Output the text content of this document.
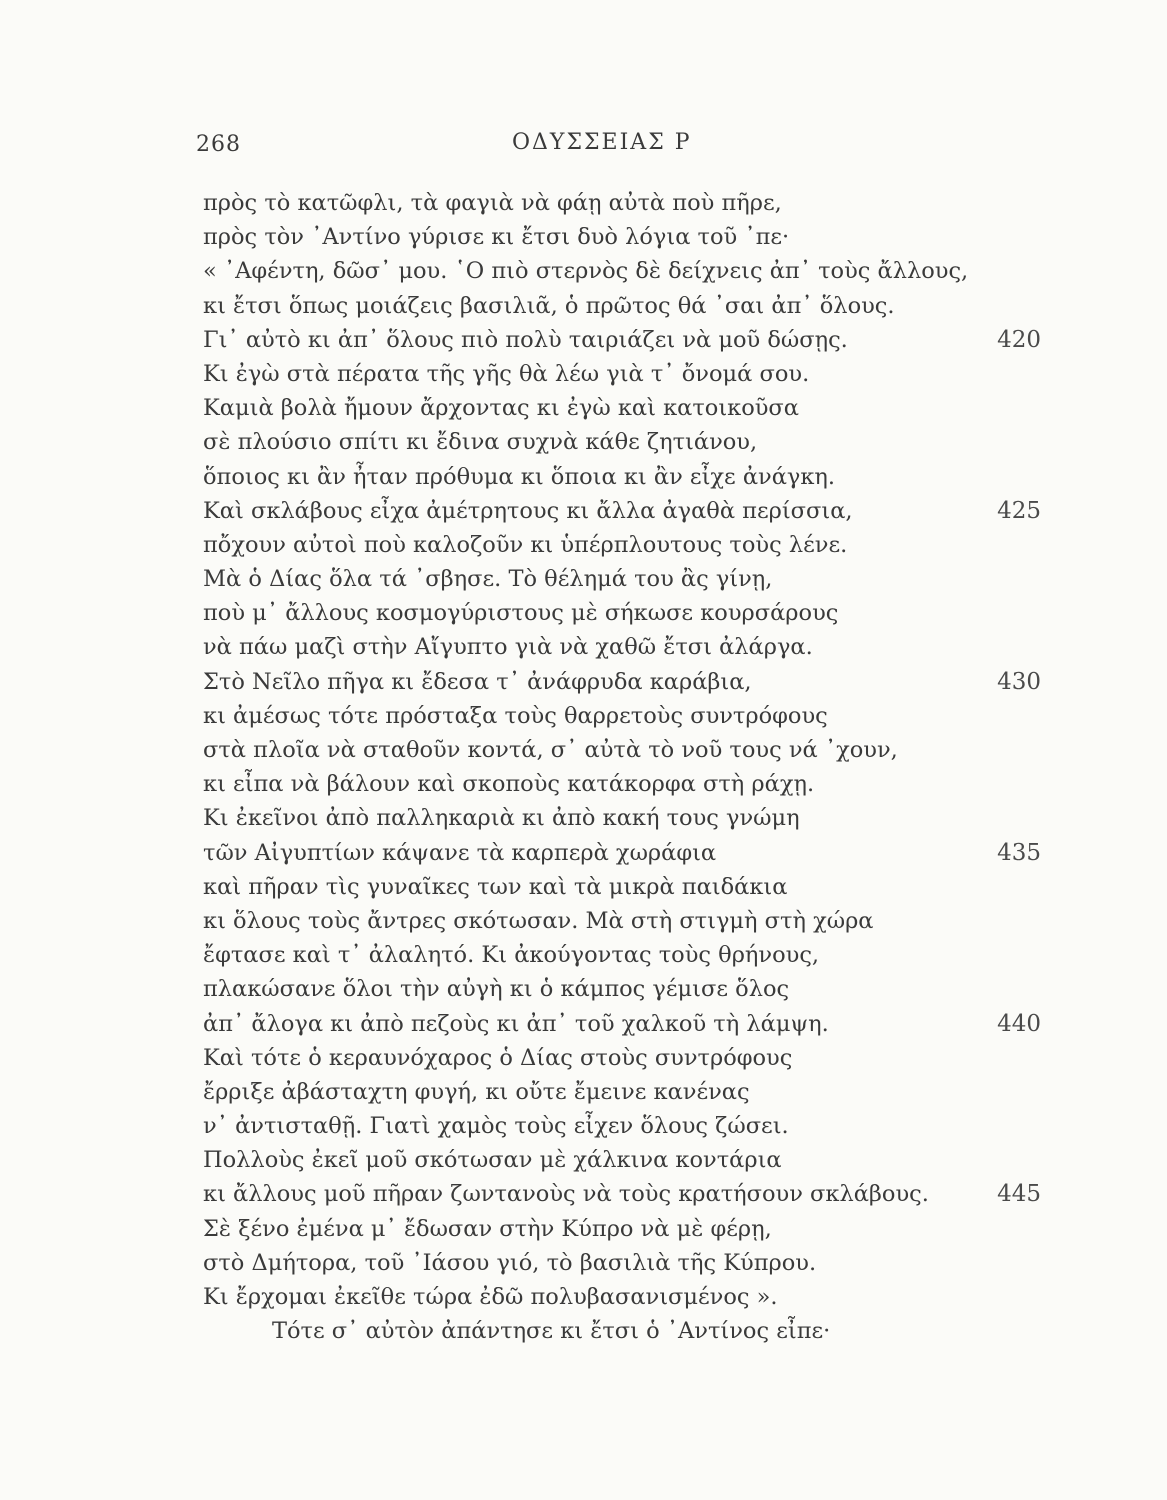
268	ΟΔΥΣΣΕΙΑΣ Ρ
πρὸς τὸ κατῶφλι, τὰ φαγιὰ νὰ φάῃ αὐτὰ ποὺ πῆρε,
πρὸς τὸν ᾿Αντίνο γύρισε κι ἔτσι δυὸ λόγια τοῦ ᾿πε·
« ᾿Αφέντη, δῶσ᾿ μου. ῾Ο πιὸ στερνὸς δὲ δείχνεις ἀπ᾿ τοὺς ἄλλους,
κι ἔτσι ὅπως μοιάζεις βασιλιᾶ, ὁ πρῶτος θά ᾿σαι ἀπ᾿ ὅλους.
Γι᾿ αὐτὸ κι ἀπ᾿ ὅλους πιὸ πολὺ ταιριάζει νὰ μοῦ δώσῃς.	420
Κι ἐγὼ στὰ πέρατα τῆς γῆς θὰ λέω γιὰ τ᾿ ὄνομά σου.
Καμιὰ βολὰ ἤμουν ἄρχοντας κι ἐγὼ καὶ κατοικοῦσα
σὲ πλούσιο σπίτι κι ἔδινα συχνὰ κάθε ζητιάνου,
ὅποιος κι ἂν ἦταν πρόθυμα κι ὅποια κι ἂν εἶχε ἀνάγκη.
Καὶ σκλάβους εἶχα ἀμέτρητους κι ἄλλα ἀγαθὰ περίσσια,	425
πὄχουν αὐτοὶ ποὺ καλοζοῦν κι ὑπέρπλουτους τοὺς λένε.
Μὰ ὁ Δίας ὅλα τά ᾿σβησε. Τὸ θέλημά του ἂς γίνῃ,
ποὺ μ᾿ ἄλλους κοσμογύριστους μὲ σήκωσε κουρσάρους
νὰ πάω μαζὶ στὴν Αἴγυπτο γιὰ νὰ χαθῶ ἔτσι ἀλάργα.
Στὸ Νεῖλο πῆγα κι ἔδεσα τ᾿ ἀνάφρυδα καράβια,	430
κι ἀμέσως τότε πρόσταξα τοὺς θαρρετοὺς συντρόφους
στὰ πλοῖα νὰ σταθοῦν κοντά, σ᾿ αὐτὰ τὸ νοῦ τους νά ᾿χουν,
κι εἶπα νὰ βάλουν καὶ σκοποὺς κατάκορφα στὴ ράχῃ.
Κι ἐκεῖνοι ἀπὸ παλληκαριὰ κι ἀπὸ κακή τους γνώμη
τῶν Αἰγυπτίων κάψανε τὰ καρπερὰ χωράφια	435
καὶ πῆραν τὶς γυναῖκες των καὶ τὰ μικρὰ παιδάκια
κι ὅλους τοὺς ἄντρες σκότωσαν. Μὰ στὴ στιγμὴ στὴ χώρα
ἔφτασε καὶ τ᾿ ἀλαλητό. Κι ἀκούγοντας τοὺς θρήνους,
πλακώσανε ὅλοι τὴν αὐγὴ κι ὁ κάμπος γέμισε ὅλος
ἀπ᾿ ἄλογα κι ἀπὸ πεζοὺς κι ἀπ᾿ τοῦ χαλκοῦ τὴ λάμψη.	440
Καὶ τότε ὁ κεραυνόχαρος ὁ Δίας στοὺς συντρόφους
ἔρριξε ἀβάσταχτη φυγή, κι οὔτε ἔμεινε κανένας
ν᾿ ἀντισταθῇ. Γιατὶ χαμὸς τοὺς εἶχεν ὅλους ζώσει.
Πολλοὺς ἐκεῖ μοῦ σκότωσαν μὲ χάλκινα κοντάρια
κι ἄλλους μοῦ πῆραν ζωντανοὺς νὰ τοὺς κρατήσουν σκλάβους.	445
Σὲ ξένο ἐμένα μ᾿ ἔδωσαν στὴν Κύπρο νὰ μὲ φέρῃ,
στὸ Δμήτορα, τοῦ ᾿Ιάσου γιό, τὸ βασιλιὰ τῆς Κύπρου.
Κι ἔρχομαι ἐκεῖθε τώρα ἐδῶ πολυβασανισμένος ».
Τότε σ᾿ αὐτὸν ἀπάντησε κι ἔτσι ὁ ᾿Αντίνος εἶπε·
